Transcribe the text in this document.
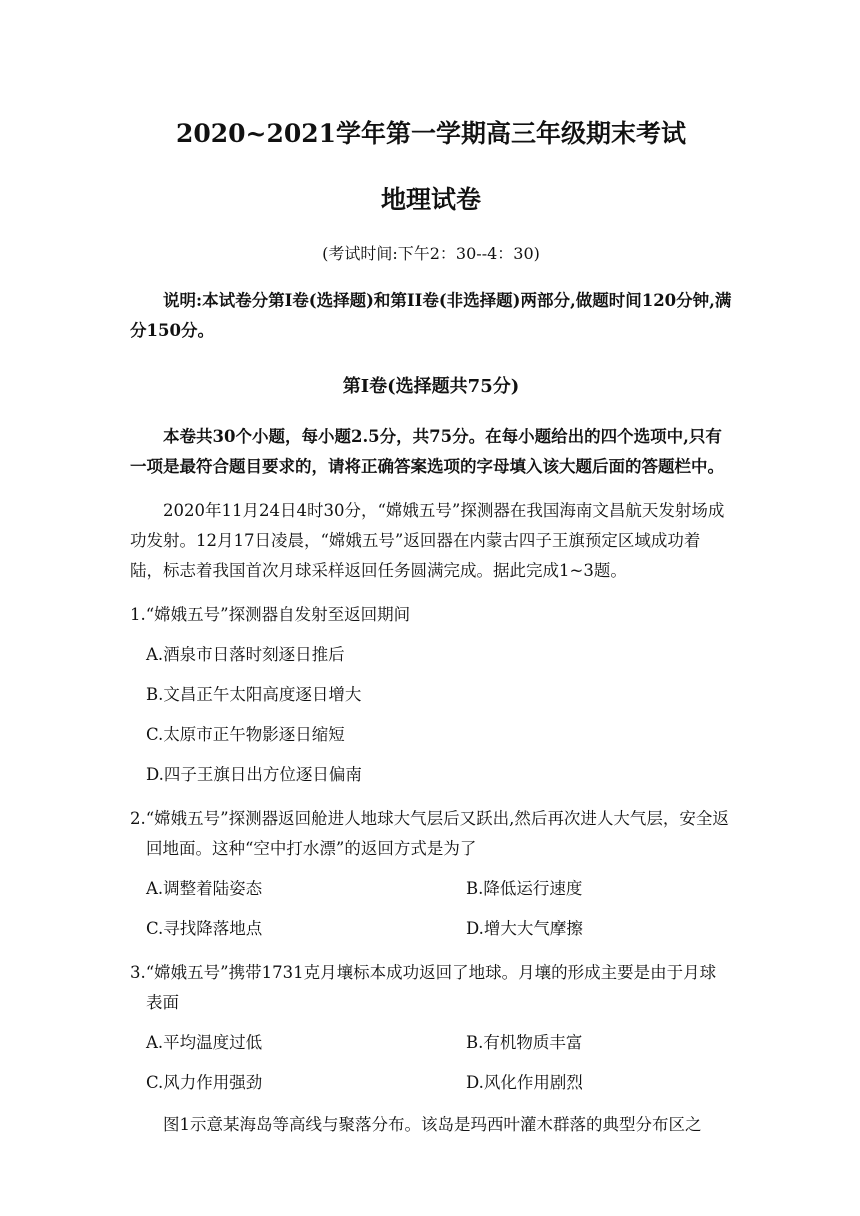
2020~2021学年第一学期高三年级期末考试
地理试卷
(考试时间:下午2：30--4：30)

说明:本试卷分第I卷(选择题)和第II卷(非选择题)两部分,做题时间120分钟,满分150分。

第I卷(选择题共75分)

本卷共30个小题，每小题2.5分，共75分。在每小题给出的四个选项中,只有一项是最符合题目要求的，请将正确答案选项的字母填入该大题后面的答题栏中。

2020年11月24日4时30分，“嫦娥五号”探测器在我国海南文昌航天发射场成功发射。12月17日凌晨，“嫦娥五号”返回器在内蒙古四子王旗预定区域成功着陆，标志着我国首次月球采样返回任务圆满完成。据此完成1~3题。

1.“嫦娥五号”探测器自发射至返回期间
A.酒泉市日落时刻逐日推后
B.文昌正午太阳高度逐日增大
C.太原市正午物影逐日缩短
D.四子王旗日出方位逐日偏南
2.“嫦娥五号”探测器返回舱进人地球大气层后又跃出,然后再次进人大气层，安全返回地面。这种“空中打水漂”的返回方式是为了
A.调整着陆姿态	B.降低运行速度
C.寻找降落地点	D.增大大气摩擦
3.“嫦娥五号”携带1731克月壤标本成功返回了地球。月壤的形成主要是由于月球表面
A.平均温度过低	B.有机物质丰富
C.风力作用强劲	D.风化作用剧烈

图1示意某海岛等高线与聚落分布。该岛是玛西叶灌木群落的典型分布区之
